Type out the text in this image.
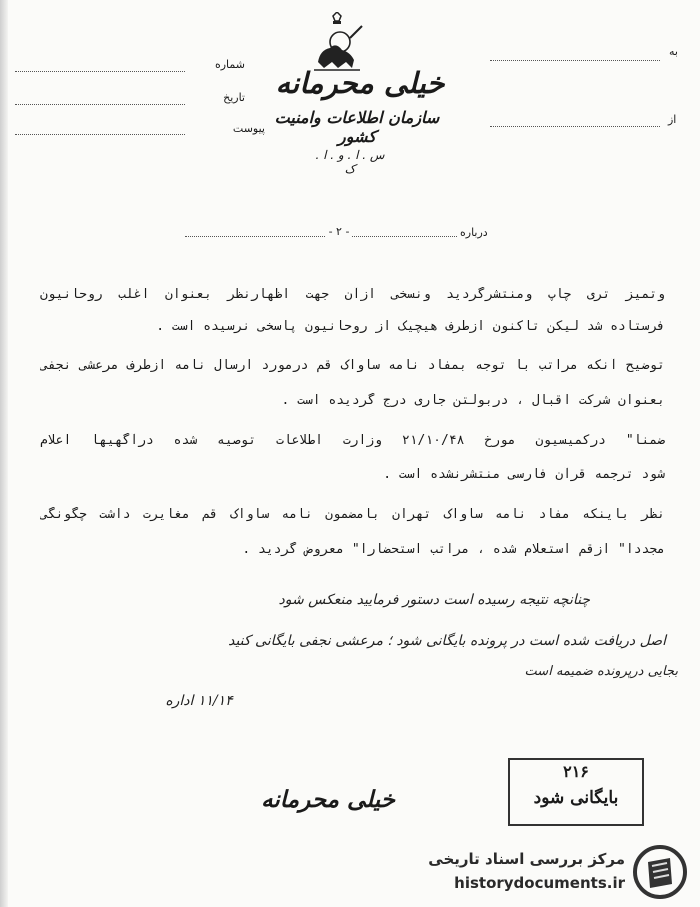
به
از
شماره
تاریخ
پیوست
خیلی محرمانه
سازمان اطلاعات وامنیت کشور
س . ا . و . ا . ک
درباره
- ۲ -
وتمیز تری چاپ ومنتشرگردید ونسخی ازآن جهت اظهارنظر بعنوان اغلب روحانیون
فرستاده شد لیکن تاکنون ازطرف هیچیک از روحانیون پاسخی نرسیده است .
توضیح آنکه مراتب با توجه بمفاد نامه ساواک قم درمورد ارسال نامه ازطرف مرعشی نجفی
بعنوان شرکت اقبال ، دربولتن جاری درج گردیده است .
ضمنا" درکمیسیون مورخ ۲۱/۱۰/۴۸ وزارت اطلاعات توصیه شده درآگهیها اعلام
شود ترجمه قرآن فارسی منتشرنشده است .
نظر باینکه مفاد نامه ساواک تهران بامضمون نامه ساواک قم مغایرت داشت چگونگی
مجددا" ازقم استعلام شده ، مراتب استحضارا" معروض گردید .
چنانچه نتیجه رسیده است دستور فرمایید منعکس شود
اصل دریافت شده است در پرونده بایگانی شود ؛ مرعشی نجفی بایگانی کنید
بجایی درپرونده ضمیمه است
۱۱/۱۴ اداره
۲۱۶
بایگانی شود
خیلی محرمانه
مرکز بررسی اسناد تاریخی
historydocuments.ir
